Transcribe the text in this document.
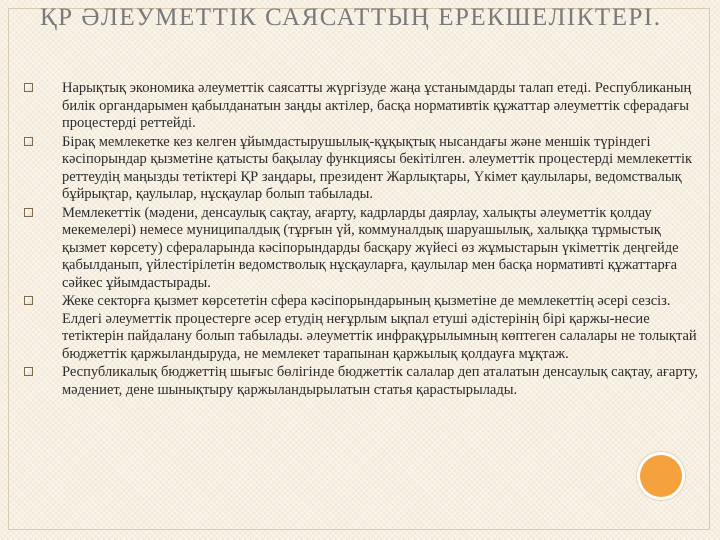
ҚР ӘЛЕУМЕТТІК САЯСАТТЫҢ ЕРЕКШЕЛІКТЕРІ.
Нарықтық экономика әлеуметтік саясатты жүргізуде жаңа ұстанымдарды талап етеді. Республиканың билік органдарымен қабылданатын заңды актілер, басқа нормативтік құжаттар әлеуметтік сферадағы процестерді реттейді.
Бірақ мемлекетке кез келген ұйымдастырушылық-құқықтық нысандағы және меншік түріндегі кәсіпорындар қызметіне қатысты бақылау функциясы бекітілген. әлеуметтік процестерді мемлекеттік реттеудің маңызды тетіктері ҚР заңдары, президент Жарлықтары, Үкімет қаулылары, ведомствалық бұйрықтар, қаулылар, нұсқаулар болып табылады.
Мемлекеттік (мәдени, денсаулық сақтау, ағарту, кадрларды даярлау, халықты әлеуметтік қолдау мекемелері) немесе муниципалдық (тұрғын үй, коммуналдық шаруашылық, халыққа тұрмыстық қызмет көрсету) сфераларында кәсіпорындарды басқару жүйесі өз жұмыстарын үкіметтік деңгейде қабылданып, үйлестірілетін ведомстволық нұсқауларға, қаулылар мен басқа нормативті құжаттарға сәйкес ұйымдастырады.
Жеке секторға қызмет көрсететін сфера кәсіпорындарының қызметіне де мемлекеттің әсері сезсіз. Елдегі әлеуметтік процестерге әсер етудің неғұрлым ықпал етуші әдістерінің бірі қаржы-несие тетіктерін пайдалану болып табылады. әлеуметтік инфрақұрылымның көптеген салалары не толықтай бюджеттік қаржыландыруда, не мемлекет тарапынан қаржылық қолдауға мұқтаж.
Республикалық бюджеттің шығыс бөлігінде бюджеттік салалар деп аталатын денсаулық сақтау, ағарту, мәдениет, дене шынықтыру қаржыландырылатын статья қарастырылады.
